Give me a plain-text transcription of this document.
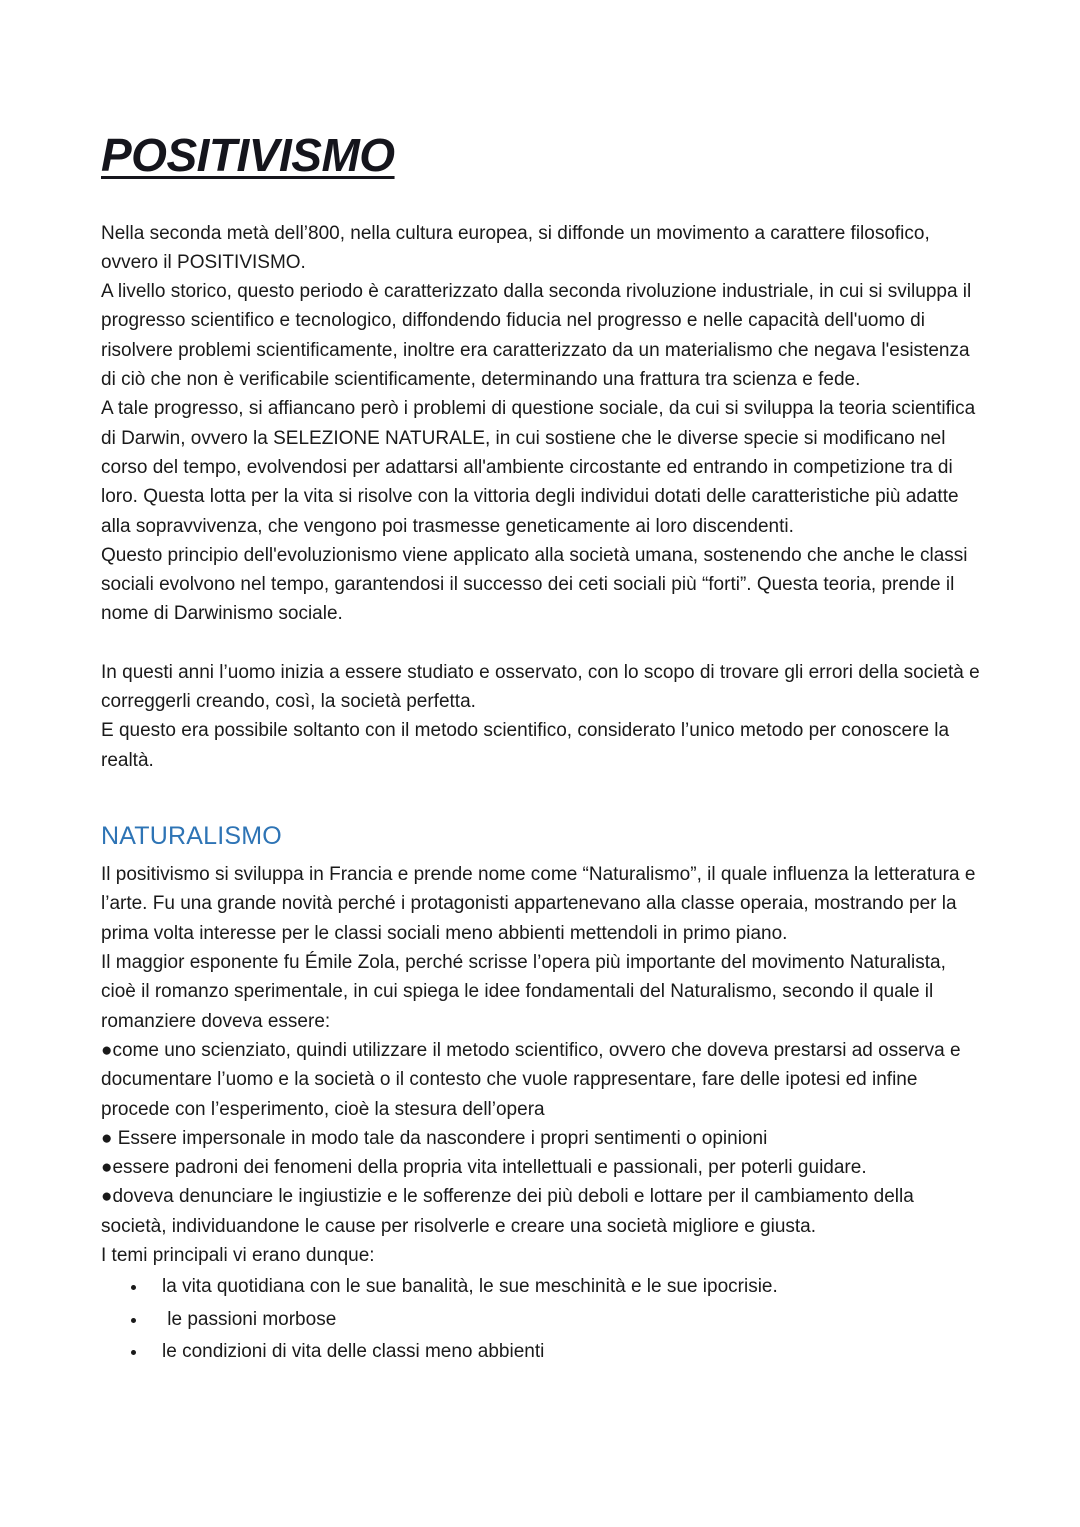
POSITIVISMO

Nella seconda metà dell’800, nella cultura europea, si diffonde un movimento a carattere filosofico, ovvero il POSITIVISMO.

A livello storico, questo periodo è caratterizzato dalla seconda rivoluzione industriale, in cui si sviluppa il progresso scientifico e tecnologico, diffondendo fiducia nel progresso e nelle capacità dell'uomo di risolvere problemi scientificamente, inoltre era caratterizzato da un materialismo che negava l'esistenza di ciò che non è verificabile scientificamente, determinando una frattura tra scienza e fede.

A tale progresso, si affiancano però i problemi di questione sociale, da cui si sviluppa la teoria scientifica di Darwin, ovvero la SELEZIONE NATURALE, in cui sostiene che le diverse specie si modificano nel corso del tempo, evolvendosi per adattarsi all'ambiente circostante ed entrando in competizione tra di loro. Questa lotta per la vita si risolve con la vittoria degli individui dotati delle caratteristiche più adatte alla sopravvivenza, che vengono poi trasmesse geneticamente ai loro discendenti.

Questo principio dell'evoluzionismo viene applicato alla società umana, sostenendo che anche le classi sociali evolvono nel tempo, garantendosi il successo dei ceti sociali più “forti”. Questa teoria, prende il nome di Darwinismo sociale.

In questi anni l’uomo inizia a essere studiato e osservato, con lo scopo di trovare gli errori della società e correggerli creando, così, la società perfetta.

E questo era possibile soltanto con il metodo scientifico, considerato l’unico metodo per conoscere la realtà.

NATURALISMO

Il positivismo si sviluppa in Francia e prende nome come “Naturalismo”, il quale influenza la letteratura e l’arte. Fu una grande novità perché i protagonisti appartenevano alla classe operaia, mostrando per la prima volta interesse per le classi sociali meno abbienti mettendoli in primo piano.

Il maggior esponente fu Émile Zola, perché scrisse l’opera più importante del movimento Naturalista, cioè il romanzo sperimentale, in cui spiega le idee fondamentali del Naturalismo, secondo il quale il romanziere doveva essere:

●come uno scienziato, quindi utilizzare il metodo scientifico, ovvero che doveva prestarsi ad osserva e documentare l’uomo e la società o il contesto che vuole rappresentare, fare delle ipotesi ed infine procede con l’esperimento, cioè la stesura dell’opera

● Essere impersonale in modo tale da nascondere i propri sentimenti o opinioni

●essere padroni dei fenomeni della propria vita intellettuali e passionali, per poterli guidare.

●doveva denunciare le ingiustizie e le sofferenze dei più deboli e lottare per il cambiamento della società, individuandone le cause per risolverle e creare una società migliore e giusta.

I temi principali vi erano dunque:

• la vita quotidiana con le sue banalità, le sue meschinità e le sue ipocrisie.
•  le passioni morbose
• le condizioni di vita delle classi meno abbienti
